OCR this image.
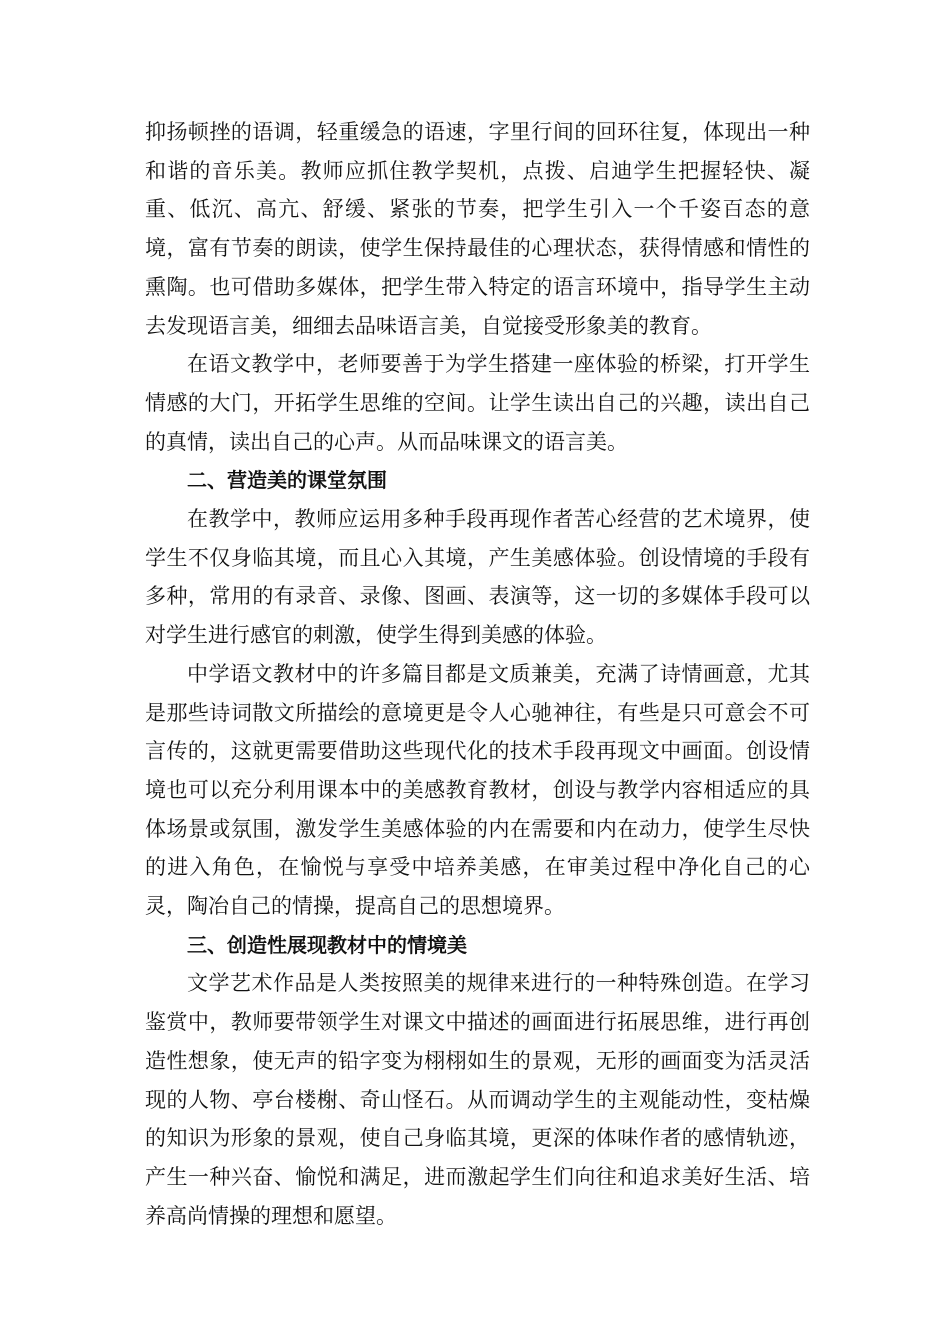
抑扬顿挫的语调，轻重缓急的语速，字里行间的回环往复，体现出一种和谐的音乐美。教师应抓住教学契机，点拨、启迪学生把握轻快、凝重、低沉、高亢、舒缓、紧张的节奏，把学生引入一个千姿百态的意境，富有节奏的朗读，使学生保持最佳的心理状态，获得情感和情性的熏陶。也可借助多媒体，把学生带入特定的语言环境中，指导学生主动去发现语言美，细细去品味语言美，自觉接受形象美的教育。

在语文教学中，老师要善于为学生搭建一座体验的桥梁，打开学生情感的大门，开拓学生思维的空间。让学生读出自己的兴趣，读出自己的真情，读出自己的心声。从而品味课文的语言美。

二、营造美的课堂氛围

在教学中，教师应运用多种手段再现作者苦心经营的艺术境界，使学生不仅身临其境，而且心入其境，产生美感体验。创设情境的手段有多种，常用的有录音、录像、图画、表演等，这一切的多媒体手段可以对学生进行感官的刺激，使学生得到美感的体验。

中学语文教材中的许多篇目都是文质兼美，充满了诗情画意，尤其是那些诗词散文所描绘的意境更是令人心驰神往，有些是只可意会不可言传的，这就更需要借助这些现代化的技术手段再现文中画面。创设情境也可以充分利用课本中的美感教育教材，创设与教学内容相适应的具体场景或氛围，激发学生美感体验的内在需要和内在动力，使学生尽快的进入角色，在愉悦与享受中培养美感，在审美过程中净化自己的心灵，陶冶自己的情操，提高自己的思想境界。

三、创造性展现教材中的情境美

文学艺术作品是人类按照美的规律来进行的一种特殊创造。在学习鉴赏中，教师要带领学生对课文中描述的画面进行拓展思维，进行再创造性想象，使无声的铅字变为栩栩如生的景观，无形的画面变为活灵活现的人物、亭台楼榭、奇山怪石。从而调动学生的主观能动性，变枯燥的知识为形象的景观，使自己身临其境，更深的体味作者的感情轨迹，产生一种兴奋、愉悦和满足，进而激起学生们向往和追求美好生活、培养高尚情操的理想和愿望。
